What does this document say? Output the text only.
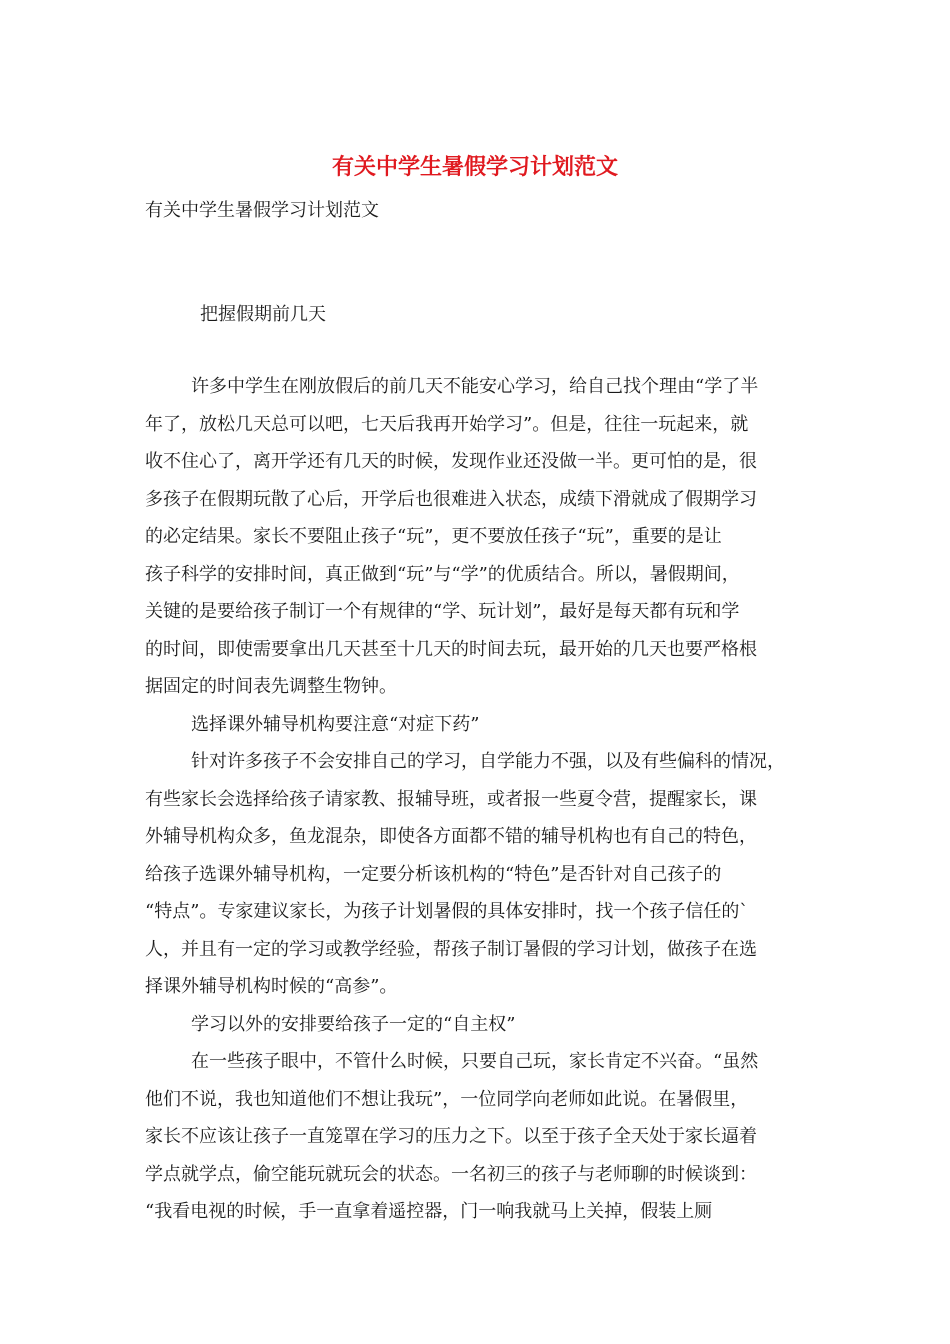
有关中学生暑假学习计划范文

有关中学生暑假学习计划范文

把握假期前几天

许多中学生在刚放假后的前几天不能安心学习，给自己找个理由“学了半
年了，放松几天总可以吧，七天后我再开始学习”。但是，往往一玩起来，就
收不住心了，离开学还有几天的时候，发现作业还没做一半。更可怕的是，很
多孩子在假期玩散了心后，开学后也很难进入状态，成绩下滑就成了假期学习
的必定结果。家长不要阻止孩子“玩”，更不要放任孩子“玩”，重要的是让
孩子科学的安排时间，真正做到“玩”与“学”的优质结合。所以，暑假期间，
关键的是要给孩子制订一个有规律的“学、玩计划”，最好是每天都有玩和学
的时间，即使需要拿出几天甚至十几天的时间去玩，最开始的几天也要严格根
据固定的时间表先调整生物钟。
选择课外辅导机构要注意“对症下药”
针对许多孩子不会安排自己的学习，自学能力不强，以及有些偏科的情况，
有些家长会选择给孩子请家教、报辅导班，或者报一些夏令营，提醒家长，课
外辅导机构众多，鱼龙混杂，即使各方面都不错的辅导机构也有自己的特色，
给孩子选课外辅导机构，一定要分析该机构的“特色”是否针对自己孩子的
“特点”。专家建议家长，为孩子计划暑假的具体安排时，找一个孩子信任的`
人，并且有一定的学习或教学经验，帮孩子制订暑假的学习计划，做孩子在选
择课外辅导机构时候的“高参”。
学习以外的安排要给孩子一定的“自主权”
在一些孩子眼中，不管什么时候，只要自己玩，家长肯定不兴奋。“虽然
他们不说，我也知道他们不想让我玩”，一位同学向老师如此说。在暑假里，
家长不应该让孩子一直笼罩在学习的压力之下。以至于孩子全天处于家长逼着
学点就学点，偷空能玩就玩会的状态。一名初三的孩子与老师聊的时候谈到：
“我看电视的时候，手一直拿着遥控器，门一响我就马上关掉，假装上厕
